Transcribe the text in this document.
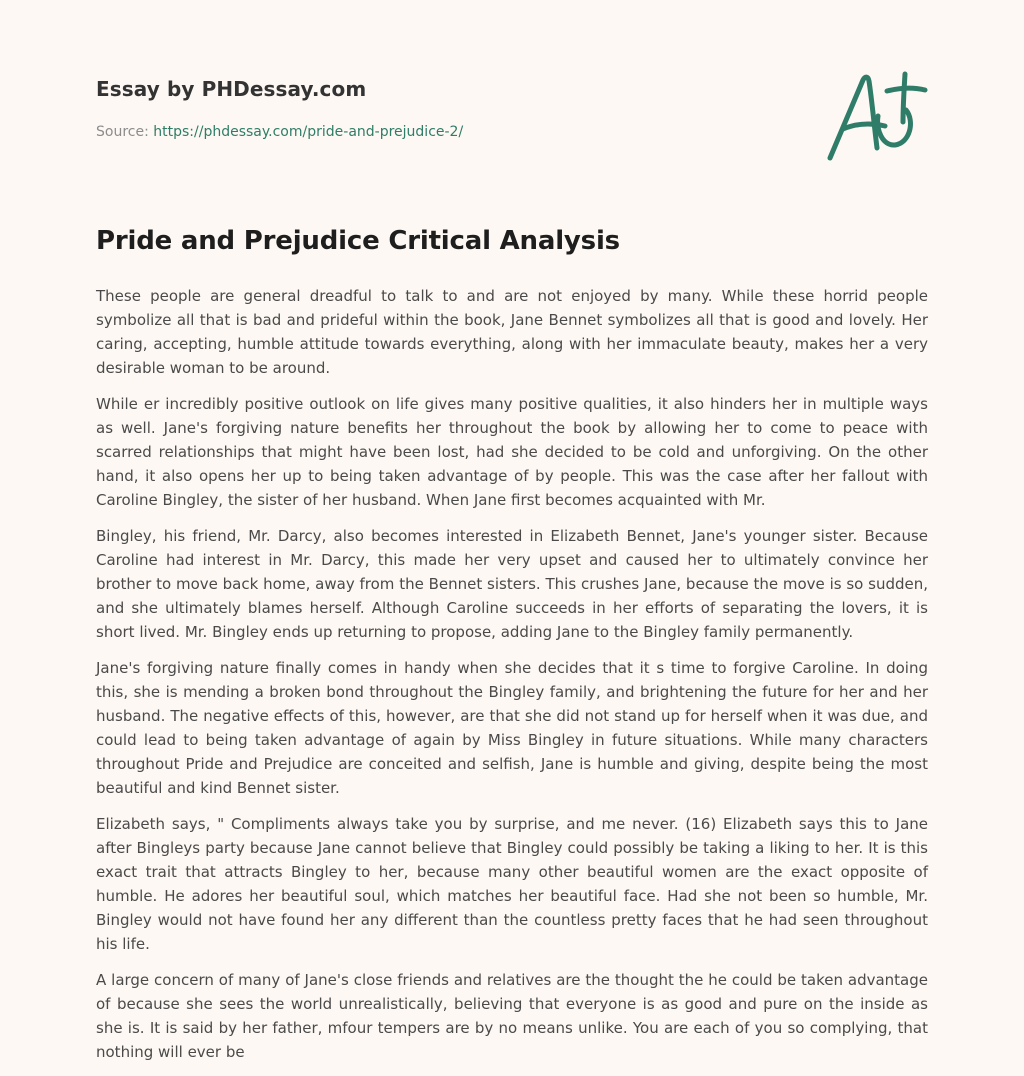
Essay by PHDessay.com
Source: https://phdessay.com/pride-and-prejudice-2/
Pride and Prejudice Critical Analysis

These people are general dreadful to talk to and are not enjoyed by many. While these horrid people symbolize all that is bad and prideful within the book, Jane Bennet symbolizes all that is good and lovely. Her caring, accepting, humble attitude towards everything, along with her immaculate beauty, makes her a very desirable woman to be around.

While er incredibly positive outlook on life gives many positive qualities, it also hinders her in multiple ways as well. Jane's forgiving nature benefits her throughout the book by allowing her to come to peace with scarred relationships that might have been lost, had she decided to be cold and unforgiving. On the other hand, it also opens her up to being taken advantage of by people. This was the case after her fallout with Caroline Bingley, the sister of her husband. When Jane first becomes acquainted with Mr.

Bingley, his friend, Mr. Darcy, also becomes interested in Elizabeth Bennet, Jane's younger sister. Because Caroline had interest in Mr. Darcy, this made her very upset and caused her to ultimately convince her brother to move back home, away from the Bennet sisters. This crushes Jane, because the move is so sudden, and she ultimately blames herself. Although Caroline succeeds in her efforts of separating the lovers, it is short lived. Mr. Bingley ends up returning to propose, adding Jane to the Bingley family permanently.

Jane's forgiving nature finally comes in handy when she decides that it s time to forgive Caroline. In doing this, she is mending a broken bond throughout the Bingley family, and brightening the future for her and her husband. The negative effects of this, however, are that she did not stand up for herself when it was due, and could lead to being taken advantage of again by Miss Bingley in future situations. While many characters throughout Pride and Prejudice are conceited and selfish, Jane is humble and giving, despite being the most beautiful and kind Bennet sister.

Elizabeth says, " Compliments always take you by surprise, and me never. (16) Elizabeth says this to Jane after Bingleys party because Jane cannot believe that Bingley could possibly be taking a liking to her. It is this exact trait that attracts Bingley to her, because many other beautiful women are the exact opposite of humble. He adores her beautiful soul, which matches her beautiful face. Had she not been so humble, Mr. Bingley would not have found her any different than the countless pretty faces that he had seen throughout his life.

A large concern of many of Jane's close friends and relatives are the thought the he could be taken advantage of because she sees the world unrealistically, believing that everyone is as good and pure on the inside as she is. It is said by her father, mfour tempers are by no means unlike. You are each of you so complying, that nothing will ever be
